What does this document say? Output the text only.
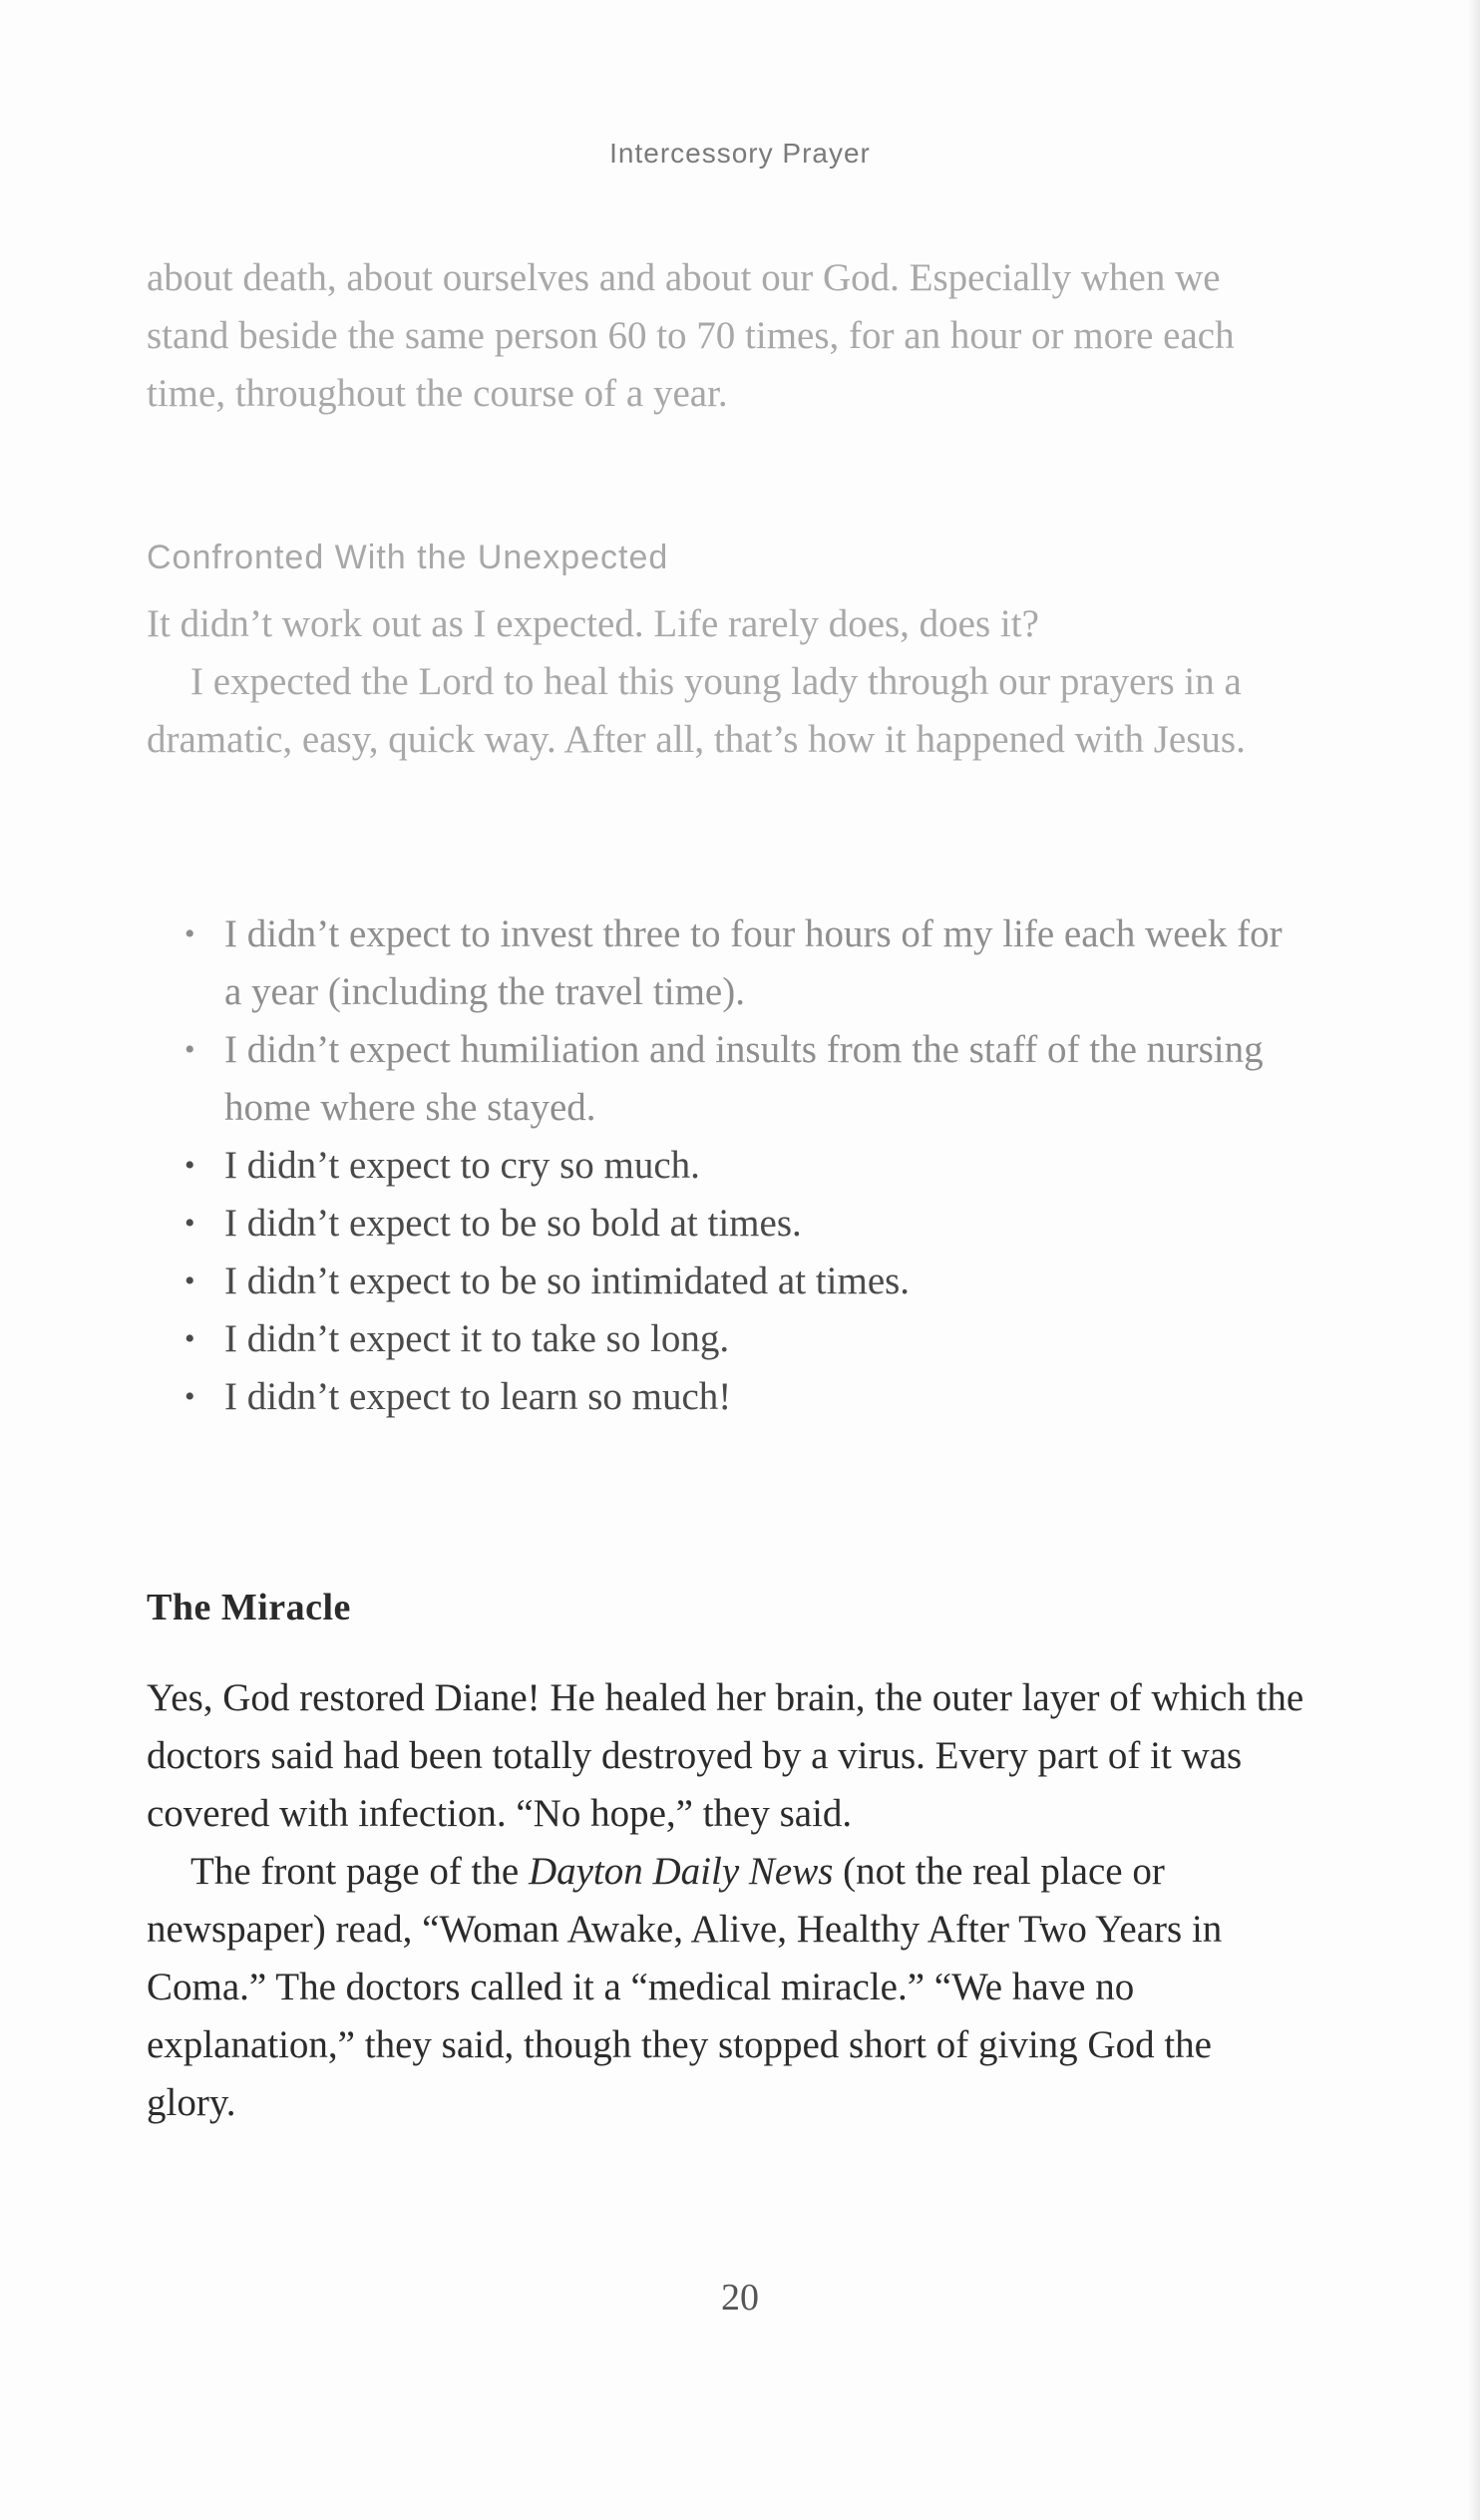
Intercessory Prayer

about death, about ourselves and about our God. Especially when we stand beside the same person 60 to 70 times, for an hour or more each time, throughout the course of a year.

Confronted With the Unexpected

It didn’t work out as I expected. Life rarely does, does it?

I expected the Lord to heal this young lady through our prayers in a dramatic, easy, quick way. After all, that’s how it happened with Jesus.

• I didn’t expect to invest three to four hours of my life each week for a year (including the travel time).
• I didn’t expect humiliation and insults from the staff of the nursing home where she stayed.
• I didn’t expect to cry so much.
• I didn’t expect to be so bold at times.
• I didn’t expect to be so intimidated at times.
• I didn’t expect it to take so long.
• I didn’t expect to learn so much!
The Miracle

Yes, God restored Diane! He healed her brain, the outer layer of which the doctors said had been totally destroyed by a virus. Every part of it was covered with infection. “No hope,” they said.

The front page of the Dayton Daily News (not the real place or newspaper) read, “Woman Awake, Alive, Healthy After Two Years in Coma.” The doctors called it a “medical miracle.” “We have no explanation,” they said, though they stopped short of giving God the glory.

20
